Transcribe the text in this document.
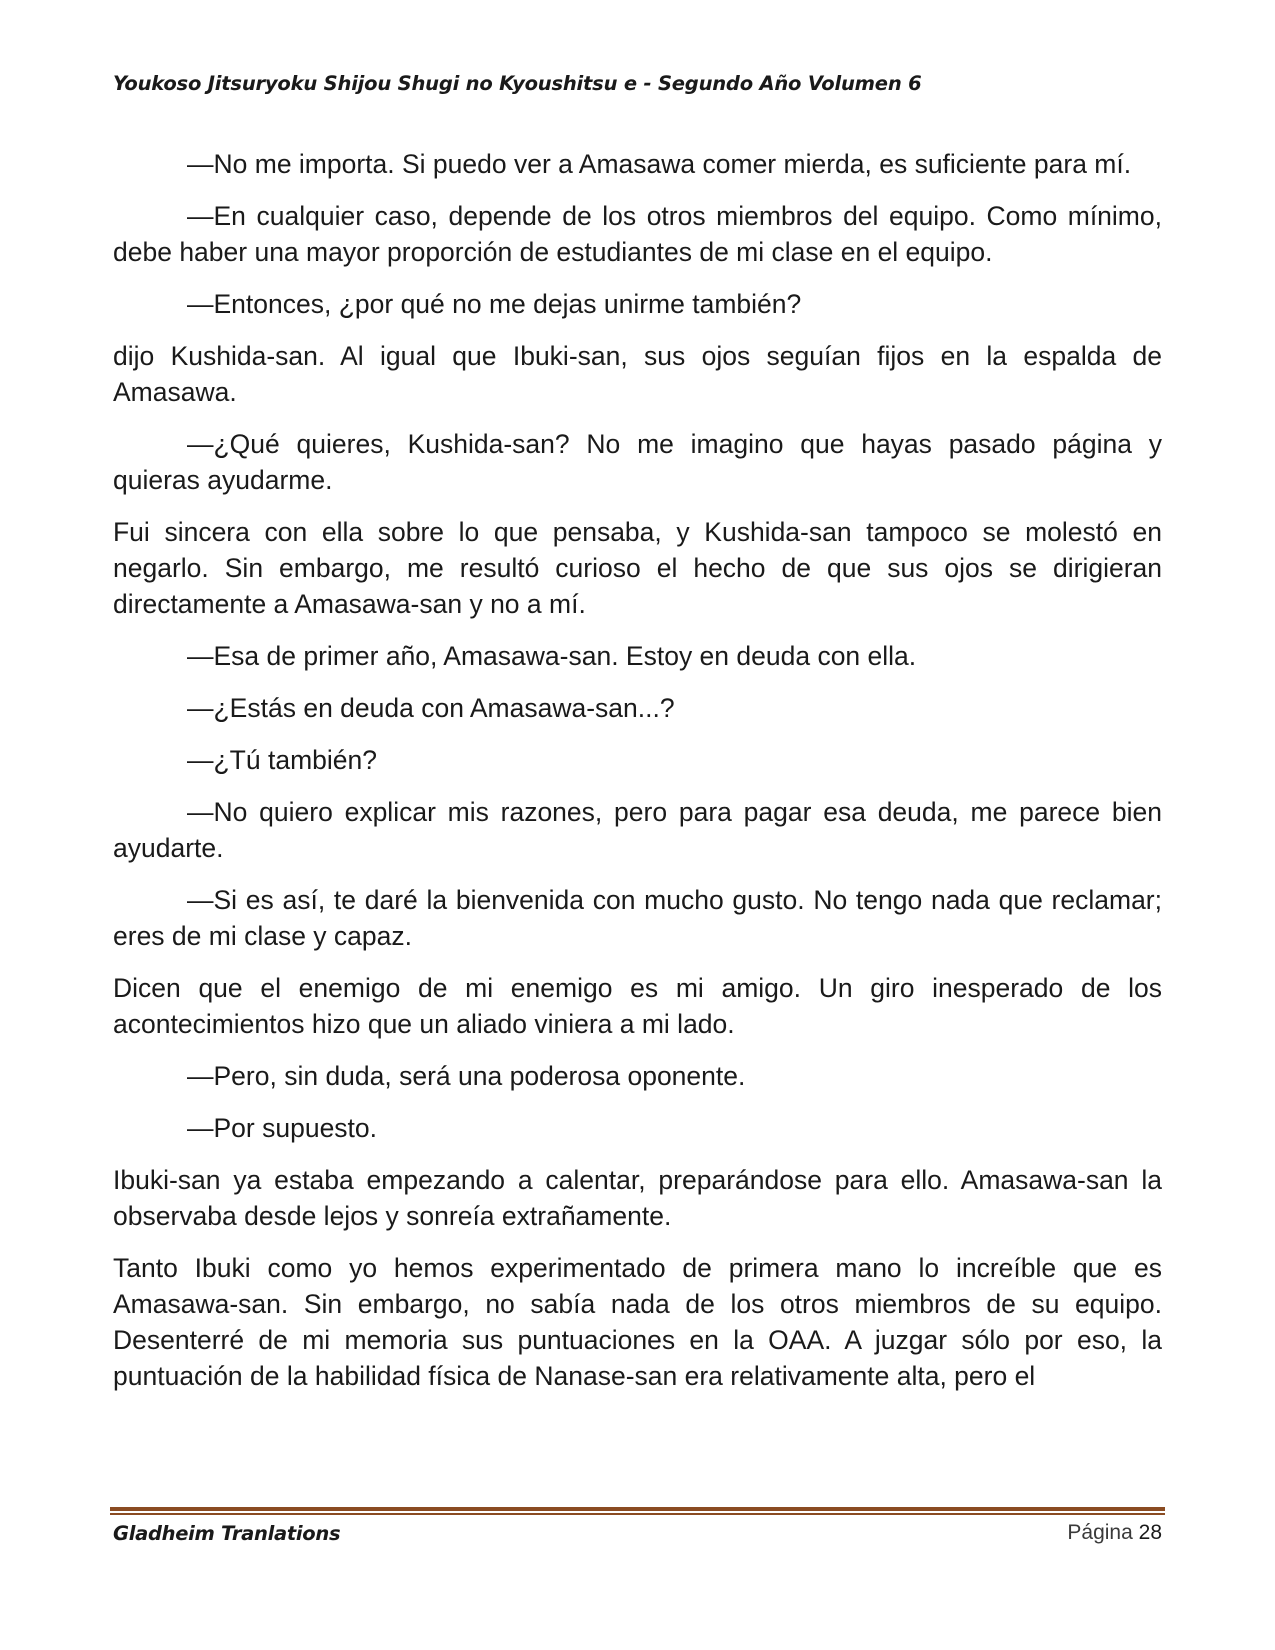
Youkoso Jitsuryoku Shijou Shugi no Kyoushitsu e - Segundo Año Volumen 6

—No me importa. Si puedo ver a Amasawa comer mierda, es suficiente para mí.

—En cualquier caso, depende de los otros miembros del equipo. Como mínimo, debe haber una mayor proporción de estudiantes de mi clase en el equipo.

—Entonces, ¿por qué no me dejas unirme también?

dijo Kushida-san. Al igual que Ibuki-san, sus ojos seguían fijos en la espalda de Amasawa.

—¿Qué quieres, Kushida-san? No me imagino que hayas pasado página y quieras ayudarme.

Fui sincera con ella sobre lo que pensaba, y Kushida-san tampoco se molestó en negarlo. Sin embargo, me resultó curioso el hecho de que sus ojos se dirigieran directamente a Amasawa-san y no a mí.

—Esa de primer año, Amasawa-san. Estoy en deuda con ella.

—¿Estás en deuda con Amasawa-san...?

—¿Tú también?

—No quiero explicar mis razones, pero para pagar esa deuda, me parece bien ayudarte.

—Si es así, te daré la bienvenida con mucho gusto. No tengo nada que reclamar; eres de mi clase y capaz.

Dicen que el enemigo de mi enemigo es mi amigo. Un giro inesperado de los acontecimientos hizo que un aliado viniera a mi lado.

—Pero, sin duda, será una poderosa oponente.

—Por supuesto.

Ibuki-san ya estaba empezando a calentar, preparándose para ello. Amasawa-san la observaba desde lejos y sonreía extrañamente.

Tanto Ibuki como yo hemos experimentado de primera mano lo increíble que es Amasawa-san. Sin embargo, no sabía nada de los otros miembros de su equipo. Desenterré de mi memoria sus puntuaciones en la OAA. A juzgar sólo por eso, la puntuación de la habilidad física de Nanase-san era relativamente alta, pero el

Gladheim Tranlations	Página 28
